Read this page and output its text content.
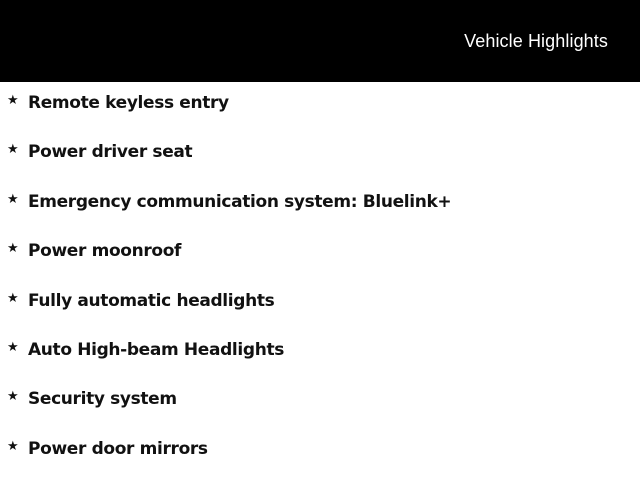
Vehicle Highlights
★ Remote keyless entry
★ Power driver seat
★ Emergency communication system: Bluelink+
★ Power moonroof
★ Fully automatic headlights
★ Auto High-beam Headlights
★ Security system
★ Power door mirrors
